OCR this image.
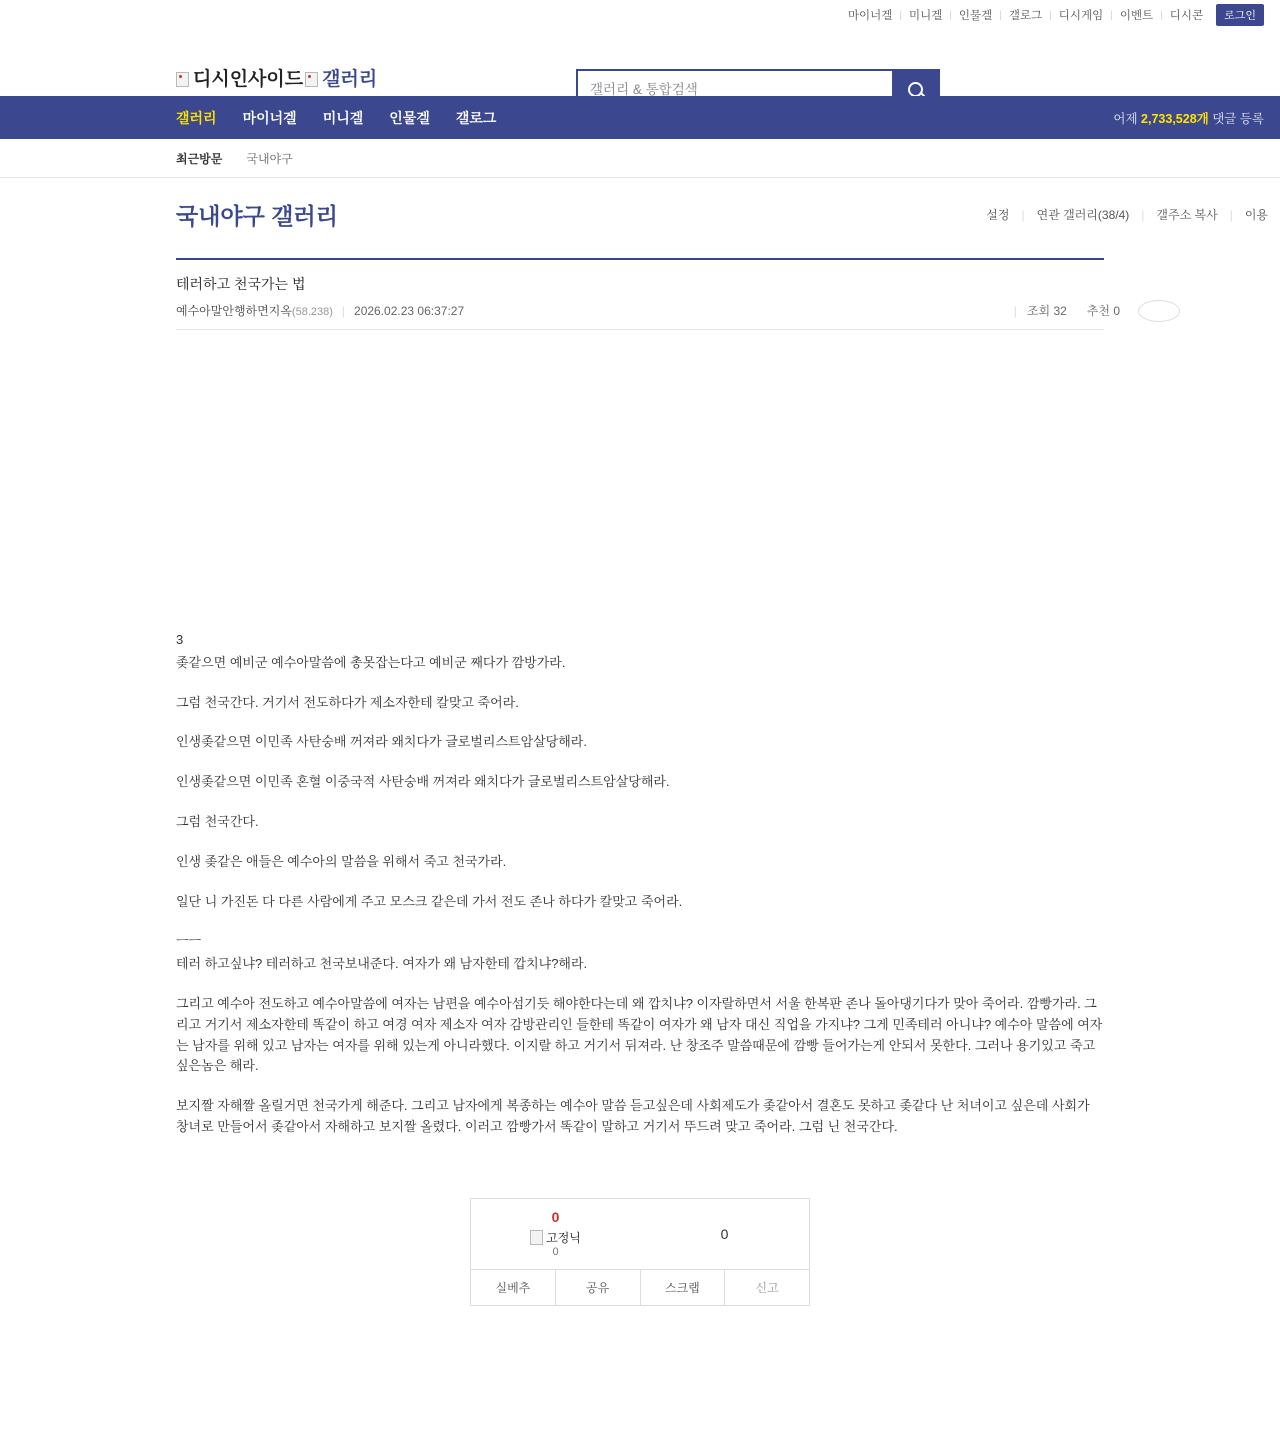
마이너겔 | 미니겔 | 인물겔 | 갤로그 | 디시게임 | 이벤트 | 디시콘	로그인
디시인사이드 갤러리
갤러리 & 통합검색
갤러리 마이너겔 미니겔 인물겔 갤로그	어제 2,733,528개 댓글 등록
최근방문 국내야구
국내야구 갤러리	설정	|	연관 갤러리(38/4)	|	갤주소 복사	|	이용
테러하고 천국가는 법
예수아말안행하면지옥(58.238) | 2026.02.23 06:37:27	| 조회 32	추천 0

3

좆같으면 예비군 예수아말씀에 총못잡는다고 예비군 째다가 깜방가라.

그럼 천국간다. 거기서 전도하다가 제소자한테 칼맞고 죽어라.

인생좆같으면 이민족 사탄숭배 꺼져라 왜치다가 글로벌리스트암살당해라.

인생좆같으면 이민족 혼혈 이중국적 사탄숭배 꺼져라 왜치다가 글로벌리스트암살당해라.

그럼 천국간다.

인생 좆같은 애들은 예수아의 말씀을 위해서 죽고 천국가라.

일단 니 가진돈 다 다른 사람에게 주고 모스크 같은데 가서 전도 존나 하다가 칼맞고 죽어라.

ㅡㅡ

테러 하고싶냐? 테러하고 천국보내준다. 여자가 왜 남자한테 깝치냐?해라.

그리고 예수아 전도하고 예수아말씀에 여자는 남편을 예수아섬기듯 해야한다는데 왜 깝치냐? 이자랄하면서 서울 한복판 존나 돌아댕기다가 맞아 죽어라. 깜빵가라. 그리고 거기서 제소자한테 똑같이 하고 여경 여자 제소자 여자 감방관리인 들한테 똑같이 여자가 왜 남자 대신 직업을 가지냐? 그게 민족테러 아니냐? 예수아 말씀에 여자는 남자를 위해 있고 남자는 여자를 위해 있는게 아니라했다. 이지랄 하고 거기서 뒤져라. 난 창조주 말씀때문에 깜빵 들어가는게 안되서 못한다. 그러나 용기있고 죽고 싶은놈은 해라.

보지짤 자해짤 올릴거면 천국가게 해준다. 그리고 남자에게 복종하는 예수아 말씀 듣고싶은데 사회제도가 좆같아서 결혼도 못하고 좆같다 난 처녀이고 싶은데 사회가 창녀로 만들어서 좆같아서 자해하고 보지짤 올렸다. 이러고 깜빵가서 똑같이 말하고 거기서 뚜드려 맞고 죽어라. 그럼 닌 천국간다.

0
고정닉
0
0
실베추	공유	스크랩	신고
